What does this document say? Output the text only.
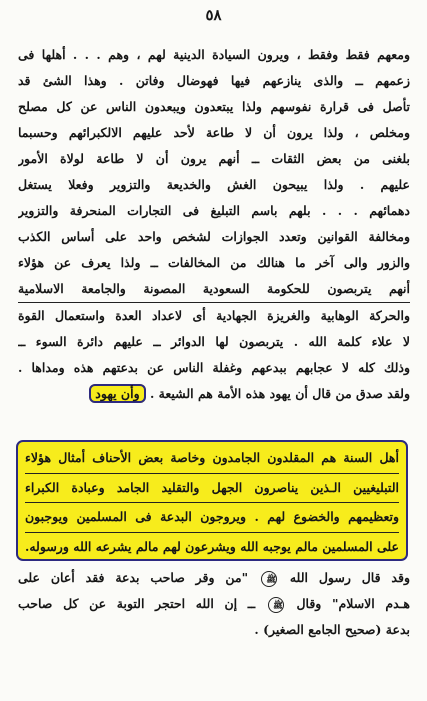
٥٨
ومعهم فقط وفقط ، ويرون السيادة الدينية لهم ، وهم . . . أهلها فى
زعمهم ــ والذى ينازعهم فيها فهوضال وفاتن . وهذا الشئ قد
تأصل فى قرارة نفوسهم ولذا يبتعدون ويبعدون الناس عن كل مصلح
ومخلص ، ولذا يرون أن لا طاعة لأحد عليهم الالكبرائهم وحسبما
بلغنى من بعض الثقات ــ أنهم يرون أن لا طاعة لولاة الأمور
عليهم . ولذا يبيحون الغش والخديعة والتزوير وفعلا يستغل
دهمائهم . . . بلهم باسم التبليغ فى التجارات المنحرفة والتزوير
ومخالفة القوانين وتعدد الجوازات لشخص واحد على أساس الكذب
والزور والى آخر ما هنالك من المخالفات ــ ولذا يعرف عن هؤلاء
أنهم يتربصون للحكومة السعودية المصونة والجامعة الاسلامية
والحركة الوهابية والغريزة الجهادية أى لاعداد العدة واستعمال القوة
لا علاء كلمة الله . يتربصون لها الدوائر ــ عليهم دائرة السوء ــ
وذلك كله لا عجابهم ببدعهم وغفلة الناس عن بدعتهم هذه ومداها .
ولقد صدق من قال أن يهود هذه الأمة هم الشيعة . وأن يهود
أهل السنة هم المقلدون الجامدون وخاصة بعض الأحناف أمثال هؤلاء
التبليغيين الـذين يناصرون الجهل والتقليد الجامد وعبادة الكبراء
وتعظيمهم والخضوع لهم . ويروجون البدعة فى المسلمين ويوجبون
على المسلمين مالم يوجبه الله ويشرعون لهم مالم يشرعه الله ورسوله.
وقد قال رسول الله ﷺ "من وقر صاحب بدعة فقد أعان على
هـدم الاسلام" وقال ﷺ ــ إن الله احتجر التوبة عن كل صاحب
بدعة (صحيح الجامع الصغير) .
